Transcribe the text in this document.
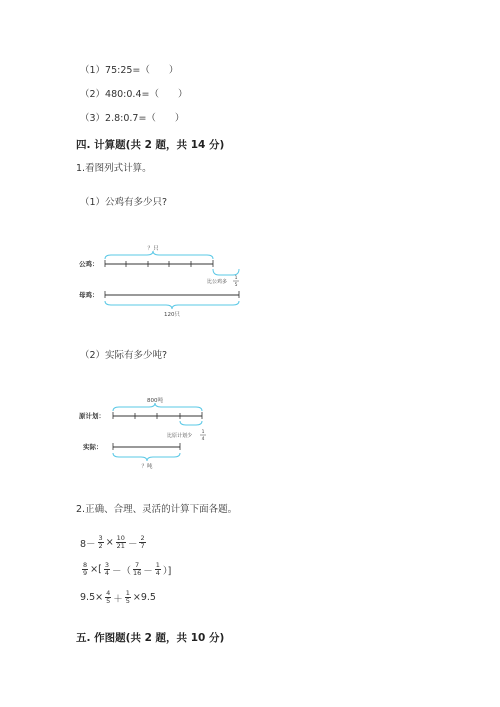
（1）75:25=（　　）
（2）480:0.4=（　　）
（3）2.8:0.7=（　　）
四. 计算题(共 2 题，共 14 分)
1.看图列式计算。
（1）公鸡有多少只?
？只
公鸡：
比公鸡多
1
5
母鸡：
120只
（2）实际有多少吨?
800吨
原计划：
比原计划少
1
4
实际：
？吨
2.正确、合理、灵活的计算下面各题。
$8- \frac{3}{2} \times \frac{10}{21} - \frac{2}{7}$
$\frac{8}{9}$ ×[ $\frac{3}{4}$ －（ $\frac{7}{16} - \frac{1}{4}$ ）]
$9.5\times \frac{4}{5} + \frac{1}{5} \times 9.5$
五. 作图题(共 2 题，共 10 分)
